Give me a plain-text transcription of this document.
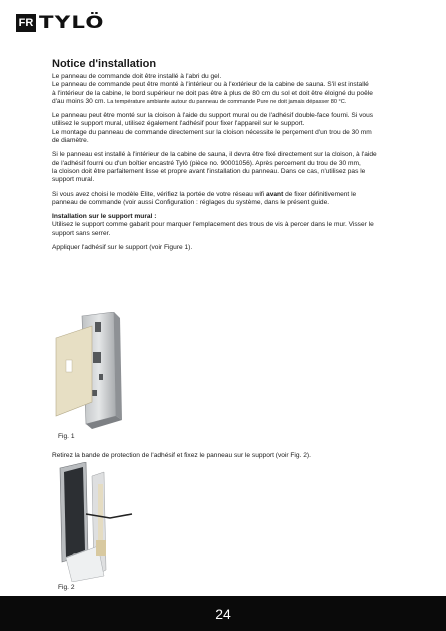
FR TYLÖ
Notice d'installation
Le panneau de commande doit être installé à l'abri du gel.
Le panneau de commande peut être monté à l'intérieur ou à l'extérieur de la cabine de sauna. S'il est installé
à l'intérieur de la cabine, le bord supérieur ne doit pas être à plus de 80 cm du sol et doit être éloigné du poêle
d'au moins 30 cm. La température ambiante autour du panneau de commande Pure ne doit jamais dépasser 80 °C.
Le panneau peut être monté sur la cloison à l'aide du support mural ou de l'adhésif double-face fourni. Si vous
utilisez le support mural, utilisez également l'adhésif pour fixer l'appareil sur le support.
Le montage du panneau de commande directement sur la cloison nécessite le perçement d'un trou de 30 mm
de diamètre.
Si le panneau est installé à l'intérieur de la cabine de sauna, il devra être fixé directement sur la cloison, à l'aide
de l'adhésif fourni ou d'un boîtier encastré Tylö (pièce no. 90001056). Après percement du trou de 30 mm,
la cloison doit être parfaitement lisse et propre avant l'installation du panneau. Dans ce cas, n'utilisez pas le
support mural.
Si vous avez choisi le modèle Elite, vérifiez la portée de votre réseau wifi avant de fixer définitivement le
panneau de commande (voir aussi Configuration : réglages du système, dans le présent guide.
Installation sur le support mural :
Utilisez le support comme gabarit pour marquer l'emplacement des trous de vis à percer dans le mur. Visser le
support sans serrer.
Appliquer l'adhésif sur le support (voir Figure 1).
Fig. 1
Retirez la bande de protection de l'adhésif et fixez le panneau sur le support (voir Fig. 2).
Fig. 2
24
